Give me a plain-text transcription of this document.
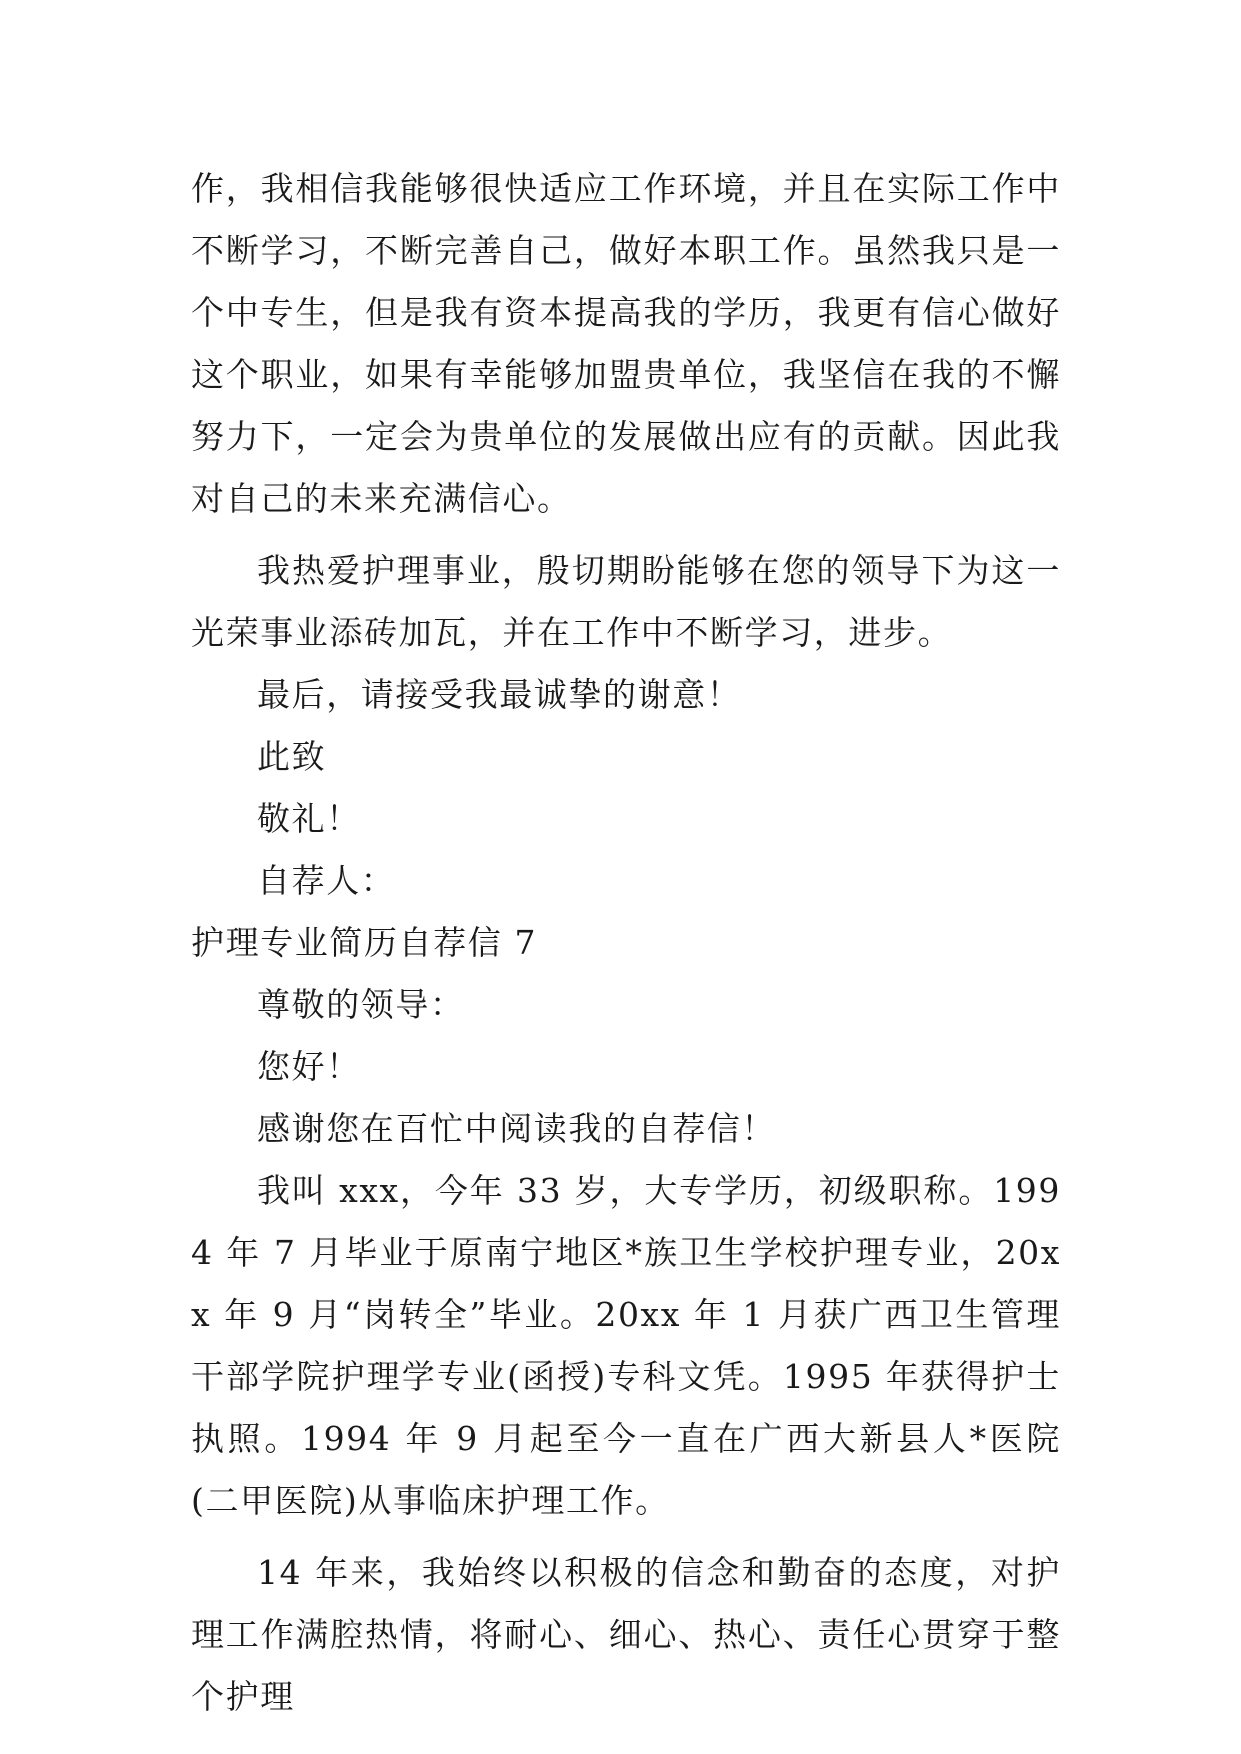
作，我相信我能够很快适应工作环境，并且在实际工作中不断学习，不断完善自己，做好本职工作。虽然我只是一个中专生，但是我有资本提高我的学历，我更有信心做好这个职业，如果有幸能够加盟贵单位，我坚信在我的不懈努力下，一定会为贵单位的发展做出应有的贡献。因此我对自己的未来充满信心。

我热爱护理事业，殷切期盼能够在您的领导下为这一光荣事业添砖加瓦，并在工作中不断学习，进步。

最后，请接受我最诚挚的谢意！

此致

敬礼！

自荐人：

护理专业简历自荐信 7

尊敬的领导：

您好！

感谢您在百忙中阅读我的自荐信！

我叫 xxx，今年 33 岁，大专学历，初级职称。1994 年 7 月毕业于原南宁地区*族卫生学校护理专业，20xx 年 9 月“岗转全”毕业。20xx 年 1 月获广西卫生管理干部学院护理学专业(函授)专科文凭。1995 年获得护士执照。1994 年 9 月起至今一直在广西大新县人*医院(二甲医院)从事临床护理工作。

14 年来，我始终以积极的信念和勤奋的态度，对护理工作满腔热情，将耐心、细心、热心、责任心贯穿于整个护理
